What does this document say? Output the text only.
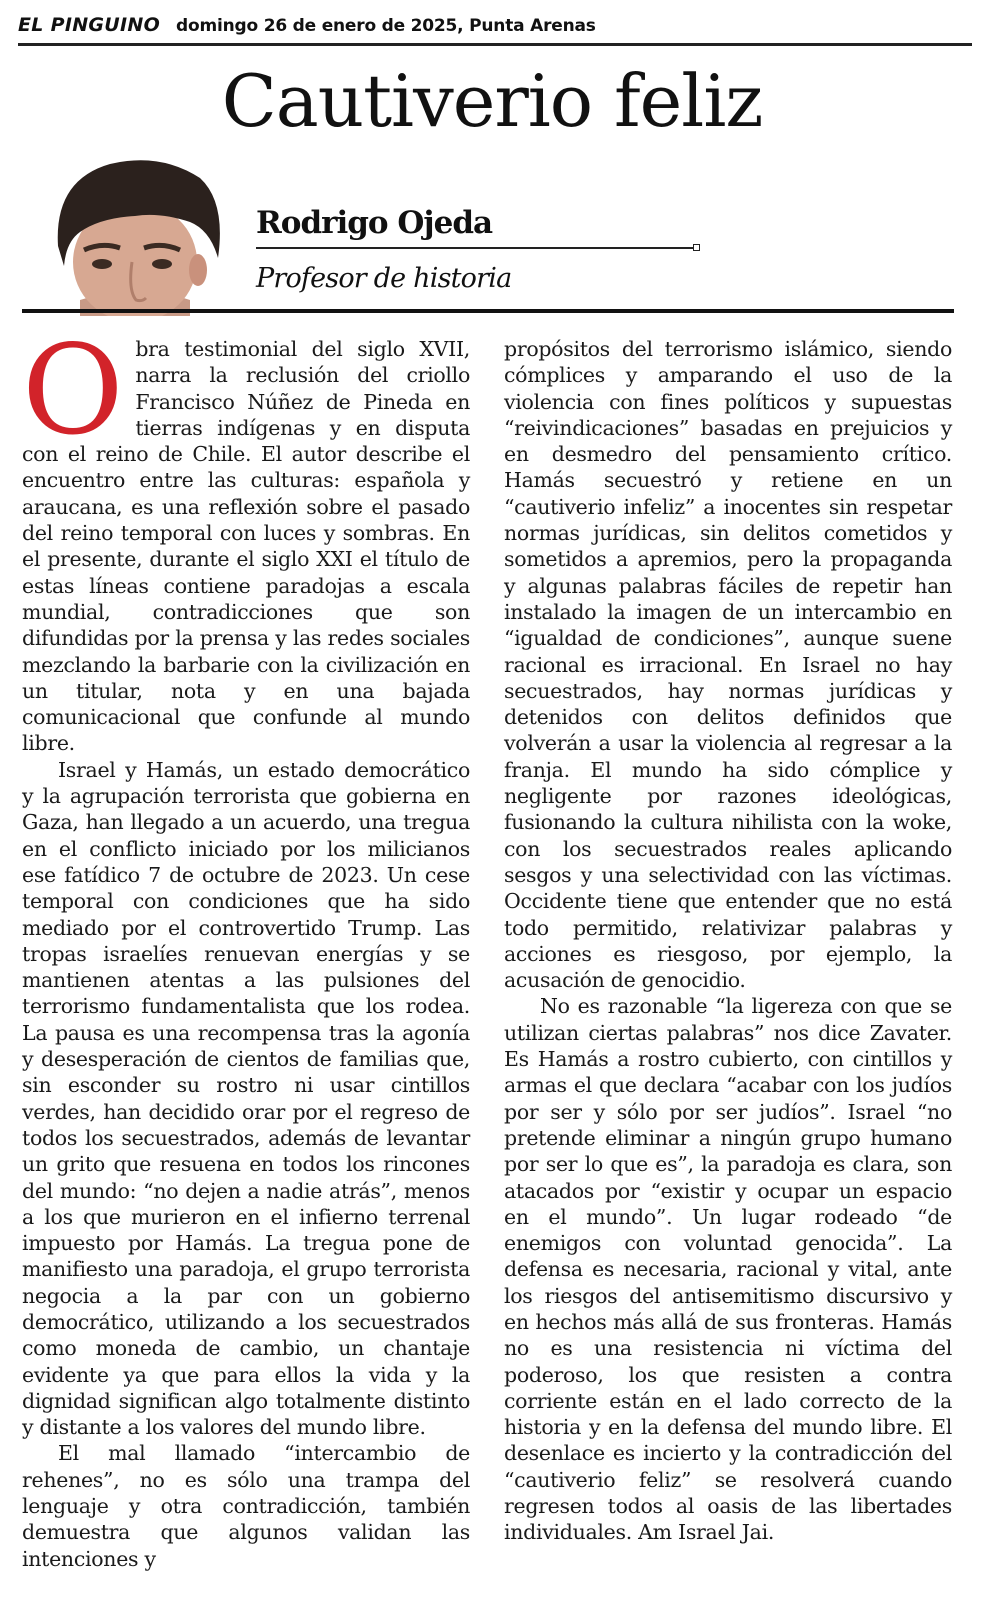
EL PINGUINO domingo 26 de enero de 2025, Punta Arenas
Cautiverio feliz
Rodrigo Ojeda
Profesor de historia

Obra testimonial del siglo XVII, narra la reclusión del criollo Francisco Núñez de Pineda en tierras indígenas y en disputa con el reino de Chile. El autor describe el encuentro entre las culturas: española y araucana, es una reflexión sobre el pasado del reino temporal con luces y sombras. En el presente, durante el siglo XXI el título de estas líneas contiene paradojas a escala mundial, contradicciones que son difundidas por la prensa y las redes sociales mezclando la barbarie con la civilización en un titular, nota y en una bajada comunicacional que confunde al mundo libre.

Israel y Hamás, un estado democrático y la agrupación terrorista que gobierna en Gaza, han llegado a un acuerdo, una tregua en el conflicto iniciado por los milicianos ese fatídico 7 de octubre de 2023. Un cese temporal con condiciones que ha sido mediado por el controvertido Trump. Las tropas israelíes renuevan energías y se mantienen atentas a las pulsiones del terrorismo fundamentalista que los rodea. La pausa es una recompensa tras la agonía y desesperación de cientos de familias que, sin esconder su rostro ni usar cintillos verdes, han decidido orar por el regreso de todos los secuestrados, además de levantar un grito que resuena en todos los rincones del mundo: “no dejen a nadie atrás”, menos a los que murieron en el infierno terrenal impuesto por Hamás. La tregua pone de manifiesto una paradoja, el grupo terrorista negocia a la par con un gobierno democrático, utilizando a los secuestrados como moneda de cambio, un chantaje evidente ya que para ellos la vida y la dignidad significan algo totalmente distinto y distante a los valores del mundo libre.

El mal llamado “intercambio de rehenes”, no es sólo una trampa del lenguaje y otra contradicción, también demuestra que algunos validan las intenciones y

propósitos del terrorismo islámico, siendo cómplices y amparando el uso de la violencia con fines políticos y supuestas “reivindicaciones” basadas en prejuicios y en desmedro del pensamiento crítico. Hamás secuestró y retiene en un “cautiverio infeliz” a inocentes sin respetar normas jurídicas, sin delitos cometidos y sometidos a apremios, pero la propaganda y algunas palabras fáciles de repetir han instalado la imagen de un intercambio en “igualdad de condiciones”, aunque suene racional es irracional. En Israel no hay secuestrados, hay normas jurídicas y detenidos con delitos definidos que volverán a usar la violencia al regresar a la franja. El mundo ha sido cómplice y negligente por razones ideológicas, fusionando la cultura nihilista con la woke, con los secuestrados reales aplicando sesgos y una selectividad con las víctimas. Occidente tiene que entender que no está todo permitido, relativizar palabras y acciones es riesgoso, por ejemplo, la acusación de genocidio.

No es razonable “la ligereza con que se utilizan ciertas palabras” nos dice Zavater. Es Hamás a rostro cubierto, con cintillos y armas el que declara “acabar con los judíos por ser y sólo por ser judíos”. Israel “no pretende eliminar a ningún grupo humano por ser lo que es”, la paradoja es clara, son atacados por “existir y ocupar un espacio en el mundo”. Un lugar rodeado “de enemigos con voluntad genocida”. La defensa es necesaria, racional y vital, ante los riesgos del antisemitismo discursivo y en hechos más allá de sus fronteras. Hamás no es una resistencia ni víctima del poderoso, los que resisten a contra corriente están en el lado correcto de la historia y en la defensa del mundo libre. El desenlace es incierto y la contradicción del “cautiverio feliz” se resolverá cuando regresen todos al oasis de las libertades individuales. Am Israel Jai.
